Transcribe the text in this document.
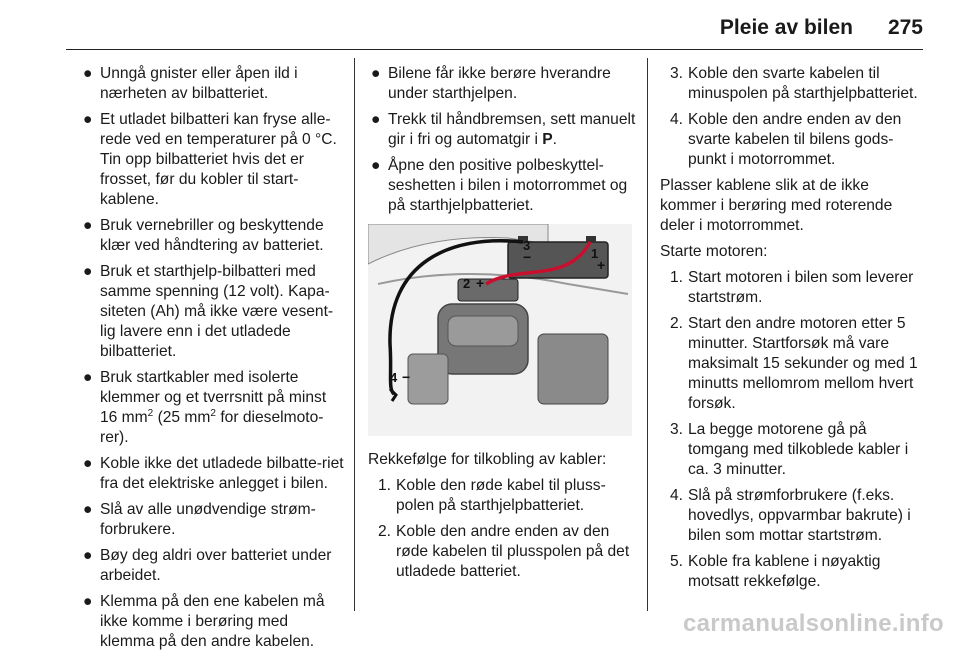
Pleie av bilen 275
● Unngå gnister eller åpen ild i nærheten av bilbatteriet.
● Et utladet bilbatteri kan fryse alle-rede ved en temperaturer på 0 °C. Tin opp bilbatteriet hvis det er frosset, før du kobler til start-kablene.
● Bruk vernebriller og beskyttende klær ved håndtering av batteriet.
● Bruk et starthjelp-bilbatteri med samme spenning (12 volt). Kapa-siteten (Ah) må ikke være vesent-lig lavere enn i det utladede bilbatteriet.
● Bruk startkabler med isolerte klemmer og et tverrsnitt på minst 16 $mm^2$ (25 $mm^2$ for dieselmoto-rer).
● Koble ikke det utladede bilbatte-riet fra det elektriske anlegget i bilen.
● Slå av alle unødvendige strøm-forbrukere.
● Bøy deg aldri over batteriet under arbeidet.
● Klemma på den ene kabelen må ikke komme i berøring med klemma på den andre kabelen.
● Bilene får ikke berøre hverandre under starthjelpen.
● Trekk til håndbremsen, sett manuelt gir i fri og automatgir i P.
● Åpne den positive polbeskyttel-seshetten i bilen i motorrommet og på starthjelpbatteriet.
1
+
2 +
3
−
4 −
Rekkefølge for tilkobling av kabler:
1. Koble den røde kabel til pluss-polen på starthjelpbatteriet.
2. Koble den andre enden av den røde kabelen til plusspolen på det utladede batteriet.
3. Koble den svarte kabelen til minuspolen på starthjelpbatteriet.
4. Koble den andre enden av den svarte kabelen til bilens gods-punkt i motorrommet.
Plasser kablene slik at de ikke kommer i berøring med roterende deler i motorrommet.
Starte motoren:
1. Start motoren i bilen som leverer startstrøm.
2. Start den andre motoren etter 5 minutter. Startforsøk må vare maksimalt 15 sekunder og med 1 minutts mellomrom mellom hvert forsøk.
3. La begge motorene gå på tomgang med tilkoblede kabler i ca. 3 minutter.
4. Slå på strømforbrukere (f.eks. hovedlys, oppvarmbar bakrute) i bilen som mottar startstrøm.
5. Koble fra kablene i nøyaktig motsatt rekkefølge.
carmanualsonline.info
